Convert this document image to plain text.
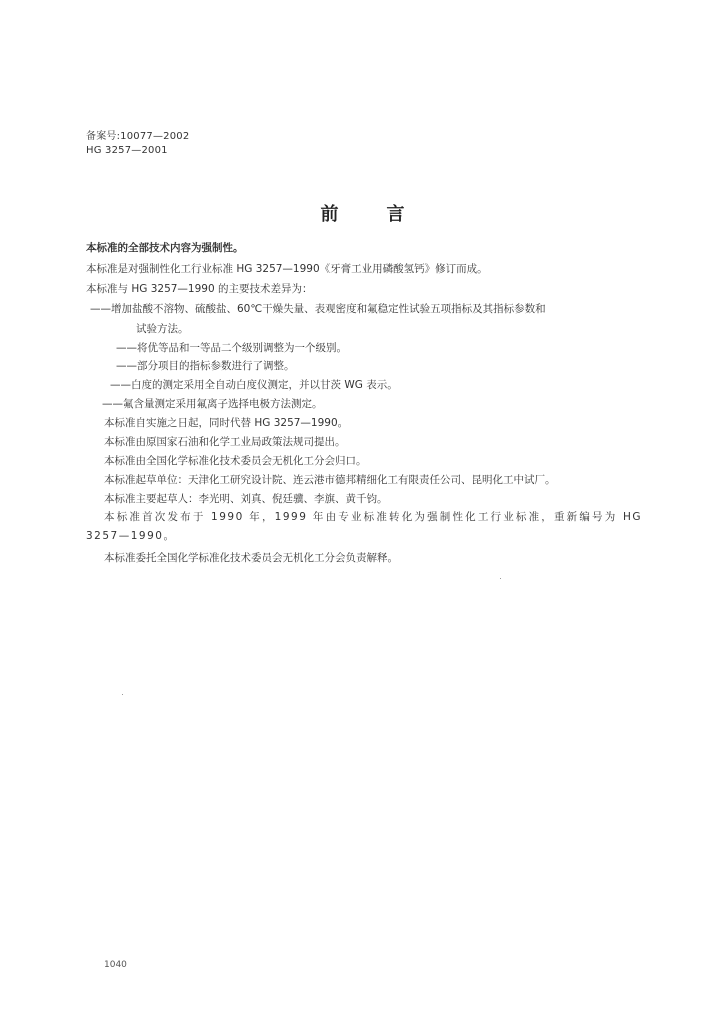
备案号:10077—2002
HG 3257—2001
前言
本标准的全部技术内容为强制性。
本标准是对强制性化工行业标准 HG 3257—1990《牙膏工业用磷酸氢钙》修订而成。
本标准与 HG 3257—1990 的主要技术差异为：
——增加盐酸不溶物、硫酸盐、60℃干燥失量、表观密度和氟稳定性试验五项指标及其指标参数和
试验方法。
——将优等品和一等品二个级别调整为一个级别。
——部分项目的指标参数进行了调整。
——白度的测定采用全自动白度仪测定，并以甘茨 WG 表示。
——氟含量测定采用氟离子选择电极方法测定。
本标准自实施之日起，同时代替 HG 3257—1990。
本标准由原国家石油和化学工业局政策法规司提出。
本标准由全国化学标准化技术委员会无机化工分会归口。
本标准起草单位：天津化工研究设计院、连云港市德邦精细化工有限责任公司、昆明化工中试厂。
本标准主要起草人：李光明、刘真、倪廷骥、李旗、黄千钧。
本标准首次发布于 1990 年，1999 年由专业标准转化为强制性化工行业标准，重新编号为 HG 3257—1990。
本标准委托全国化学标准化技术委员会无机化工分会负责解释。
1040
